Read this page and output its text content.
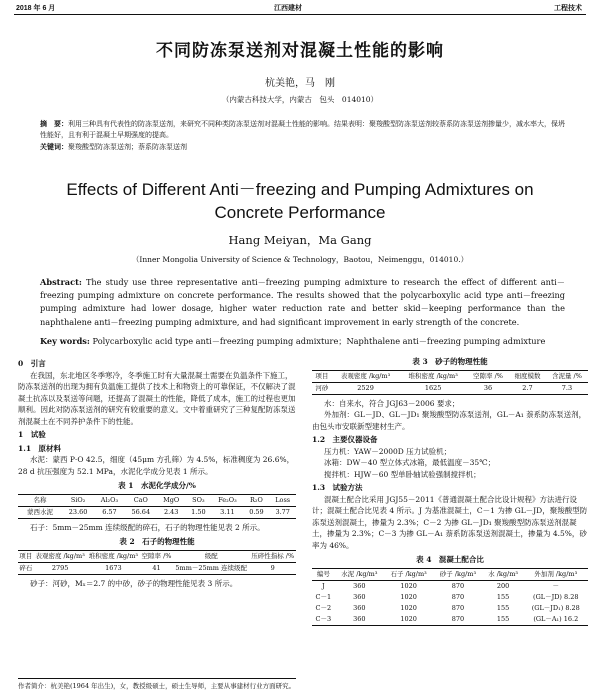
2018 年 6 月	江西建材	工程技术
不同防冻泵送剂对混凝土性能的影响
杭美艳，马　刚
（内蒙古科技大学，内蒙古　包头　014010）
摘　要：利用三种具有代表性的防冻泵送剂，来研究不同种类防冻泵送剂对混凝土性能的影响。结果表明：聚羧酸型防冻泵送剂较萘系防冻泵送剂掺量少，减水率大，保坍性能好，且有利于混凝土早期强度的提高。
关键词：聚羧酸型防冻泵送剂；萘系防冻泵送剂
Effects of Different Anti－freezing and Pumping Admixtures on Concrete Performance
Hang Meiyan，Ma Gang
（Inner Mongolia University of Science & Technology，Baotou，Neimenggu，014010.）
Abstract: The study use three representative anti－freezing pumping admixture to research the effect of different anti－freezing pumping admixture on concrete performance. The results showed that the polycarboxylic acid type anti－freezing pumping admixture had lower dosage, higher water reduction rate and better skid－keeping performance than the naphthalene anti－freezing pumping admixture, and had significant improvement in early strength of the concrete.
Key words: Polycarboxylic acid type anti－freezing pumping admixture；Naphthalene anti－freezing pumping admixture
0　引言

在我国，东北地区冬季寒冷，冬季施工时有大量混凝土需要在负温条件下施工，防冻泵送剂的出现为拥有负温施工提供了技术上和物资上的可靠保证，不仅解决了混凝土抗冻以及泵送等问题，还提高了混凝土的性能，降低了成本，施工的过程也更加顺利。因此对防冻泵送剂的研究有较重要的意义。文中着重研究了三种复配防冻泵送剂混凝土在不同养护条件下的性能。

1　试验
1.1　原材料

水泥：蒙西 P·O 42.5，细度（45μm 方孔筛）为 4.5%，标准稠度为 26.6%，28 d 抗压强度为 52.1 MPa，水泥化学成分见表 1 所示。

表 1　水泥化学成分/%
名称	SiO₂	Al₂O₃	CaO	MgO	SO₃	Fe₂O₃	R₂O	Loss
蒙西水泥	23.60	6.57	56.64	2.43	1.50	3.11	0.59	3.77

石子：5mm－25mm 连续级配的碎石，石子的物理性能见表 2 所示。

表 2　石子的物理性能
项目	表观密度 /kg/m³	堆积密度 /kg/m³	空隙率 /%	级配	压碎性指标 /%
碎石	2795	1673	41	5mm－25mm 连续级配	9

砂子：河砂，Mₓ＝2.7 的中砂，砂子的物理性能见表 3 所示。

作者简介：杭美艳(1964 年出生)，女，教授级硕士，硕士生导师，主要从事建材行业方面研究。
表 3　砂子的物理性能
项目	表观密度 /kg/m³	堆积密度 /kg/m³	空隙率 /%	细度模数	含泥量 /%
河砂	2529	1625	36	2.7	7.3

水：自来水，符合 JGJ63－2006 要求；

外加剂：GL－JD、GL－JD₁ 聚羧酸型防冻泵送剂，GL－A₁ 萘系防冻泵送剂，由包头市安联新型建材生产。

1.2　主要仪器设备

压力机：YAW－2000D 压力试验机；

冰箱：DW－40 型立体式冰箱，最低温度－35℃；

搅拌机：HJW－60 型单卧轴试验强制搅拌机；

1.3　试验方法

混凝土配合比采用 JGJ55－2011《普通混凝土配合比设计规程》方法进行设计；混凝土配合比见表 4 所示。J 为基准混凝土，C－1 为掺 GL－JD，聚羧酸型防冻泵送剂混凝土，掺量为 2.3%；C－2 为掺 GL－JD₁ 聚羧酸型防冻泵送剂混凝土，掺量为 2.3%；C－3 为掺 GL－A₁ 萘系防冻泵送剂混凝土，掺量为 4.5%，砂率为 46%。

表 4　混凝土配合比
编号	水泥 /kg/m³	石子 /kg/m³	砂子 /kg/m³	水 /kg/m³	外加剂 /kg/m³
J	360	1020	870	200	－
C－1	360	1020	870	155	(GL－JD) 8.28
C－2	360	1020	870	155	(GL－JD₁) 8.28
C－3	360	1020	870	155	(GL－A₁) 16.2
